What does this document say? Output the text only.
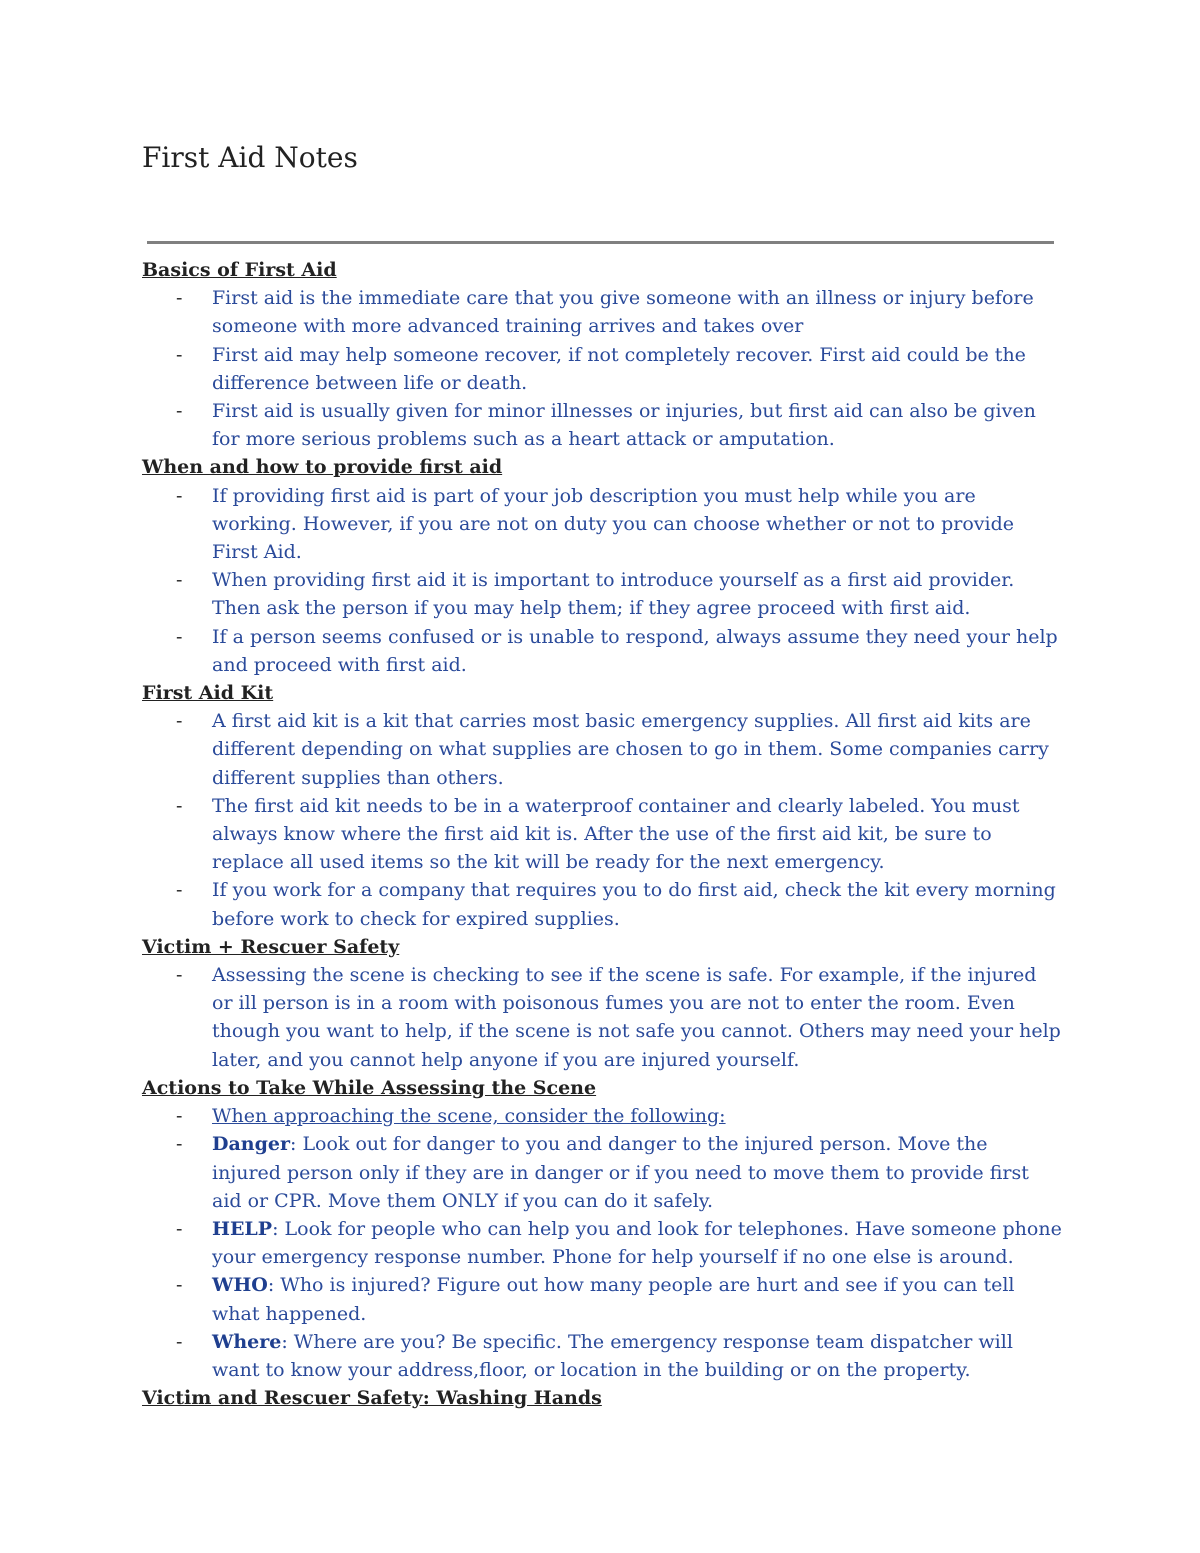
First Aid Notes

Basics of First Aid

- First aid is the immediate care that you give someone with an illness or injury before someone with more advanced training arrives and takes over
- First aid may help someone recover, if not completely recover. First aid could be the difference between life or death.
- First aid is usually given for minor illnesses or injuries, but first aid can also be given for more serious problems such as a heart attack or amputation.

When and how to provide first aid

- If providing first aid is part of your job description you must help while you are working. However, if you are not on duty you can choose whether or not to provide First Aid.
- When providing first aid it is important to introduce yourself as a first aid provider. Then ask the person if you may help them; if they agree proceed with first aid.
- If a person seems confused or is unable to respond, always assume they need your help and proceed with first aid.

First Aid Kit

- A first aid kit is a kit that carries most basic emergency supplies. All first aid kits are different depending on what supplies are chosen to go in them. Some companies carry different supplies than others.
- The first aid kit needs to be in a waterproof container and clearly labeled. You must always know where the first aid kit is. After the use of the first aid kit, be sure to replace all used items so the kit will be ready for the next emergency.
- If you work for a company that requires you to do first aid, check the kit every morning before work to check for expired supplies.

Victim + Rescuer Safety

- Assessing the scene is checking to see if the scene is safe. For example, if the injured or ill person is in a room with poisonous fumes you are not to enter the room. Even though you want to help, if the scene is not safe you cannot. Others may need your help later, and you cannot help anyone if you are injured yourself.

Actions to Take While Assessing the Scene

- When approaching the scene, consider the following:
- Danger: Look out for danger to you and danger to the injured person. Move the injured person only if they are in danger or if you need to move them to provide first aid or CPR. Move them ONLY if you can do it safely.
- HELP: Look for people who can help you and look for telephones. Have someone phone your emergency response number. Phone for help yourself if no one else is around.
- WHO: Who is injured? Figure out how many people are hurt and see if you can tell what happened.
- Where: Where are you? Be specific. The emergency response team dispatcher will want to know your address,floor, or location in the building or on the property.

Victim and Rescuer Safety: Washing Hands
